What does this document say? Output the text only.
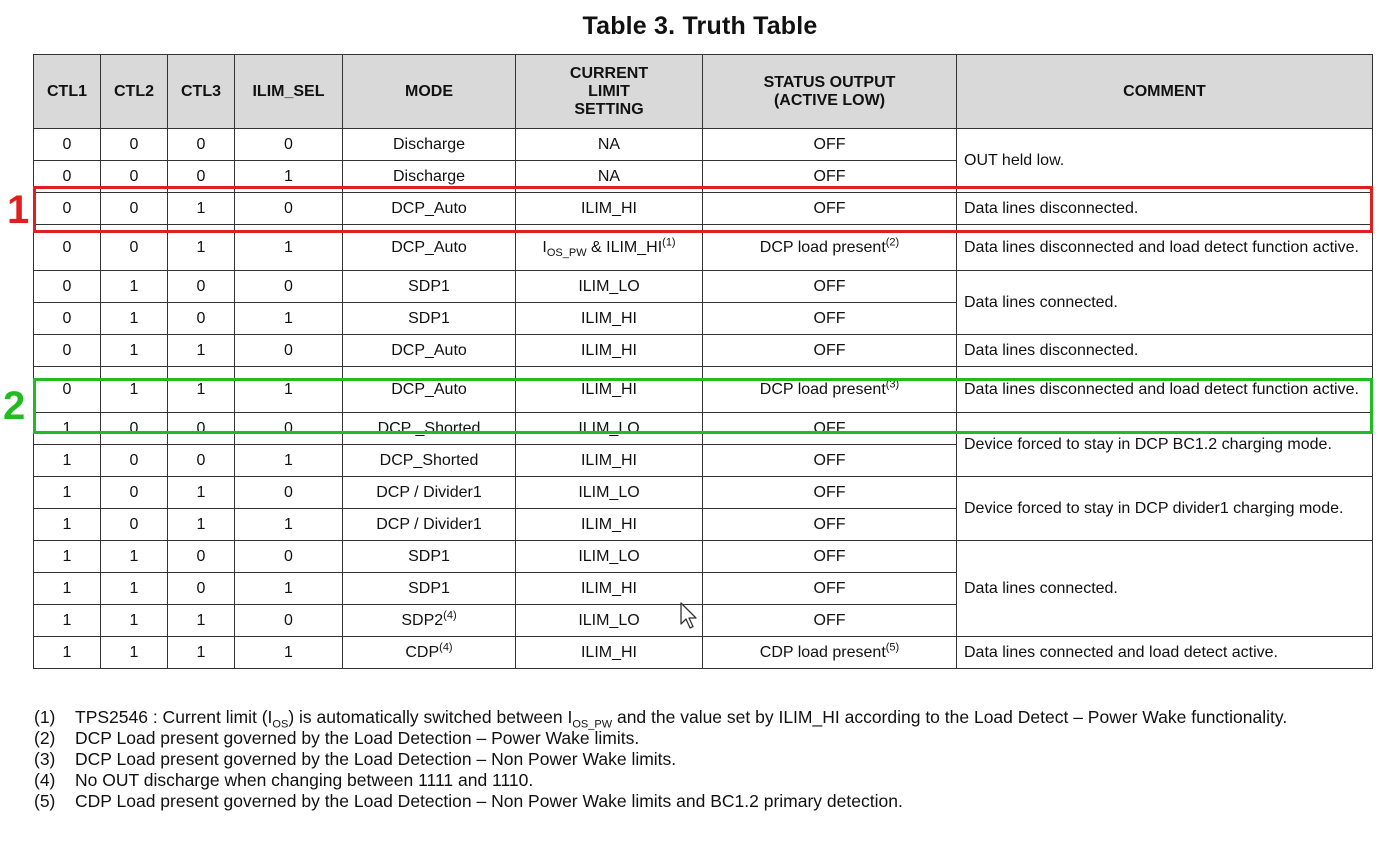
Table 3. Truth Table
CTL1	CTL2	CTL3	ILIM_SEL	MODE	CURRENT
LIMIT
SETTING	STATUS OUTPUT
(ACTIVE LOW)	COMMENT
0	0	0	0	Discharge	NA	OFF	OUT held low.
0	0	0	1	Discharge	NA	OFF	
0	0	1	0	DCP_Auto	ILIM_HI	OFF	Data lines disconnected.
0	0	1	1	DCP_Auto	$I_{OS\_PW}$ & ILIM_HI$^{(1)}$	DCP load present$^{(2)}$	Data lines disconnected and load detect function active.
0	1	0	0	SDP1	ILIM_LO	OFF	Data lines connected.
0	1	0	1	SDP1	ILIM_HI	OFF	
0	1	1	0	DCP_Auto	ILIM_HI	OFF	Data lines disconnected.
0	1	1	1	DCP_Auto	ILIM_HI	DCP load present$^{(3)}$	Data lines disconnected and load detect function active.
1	0	0	0	DCP _Shorted	ILIM_LO	OFF	Device forced to stay in DCP BC1.2 charging mode.
1	0	0	1	DCP_Shorted	ILIM_HI	OFF	
1	0	1	0	DCP / Divider1	ILIM_LO	OFF	Device forced to stay in DCP divider1 charging mode.
1	0	1	1	DCP / Divider1	ILIM_HI	OFF	
1	1	0	0	SDP1	ILIM_LO	OFF	Data lines connected.
1	1	0	1	SDP1	ILIM_HI	OFF	
1	1	1	0	SDP2$^{(4)}$	ILIM_LO	OFF	
1	1	1	1	CDP$^{(4)}$	ILIM_HI	CDP load present$^{(5)}$	Data lines connected and load detect active.
1
2
(1)	TPS2546 : Current limit $(I_{OS})$ is automatically switched between $I_{OS\_PW}$ and the value set by ILIM_HI according to the Load Detect – Power Wake functionality.
(2)	DCP Load present governed by the Load Detection – Power Wake limits.
(3)	DCP Load present governed by the Load Detection – Non Power Wake limits.
(4)	No OUT discharge when changing between 1111 and 1110.
(5)	CDP Load present governed by the Load Detection – Non Power Wake limits and BC1.2 primary detection.
